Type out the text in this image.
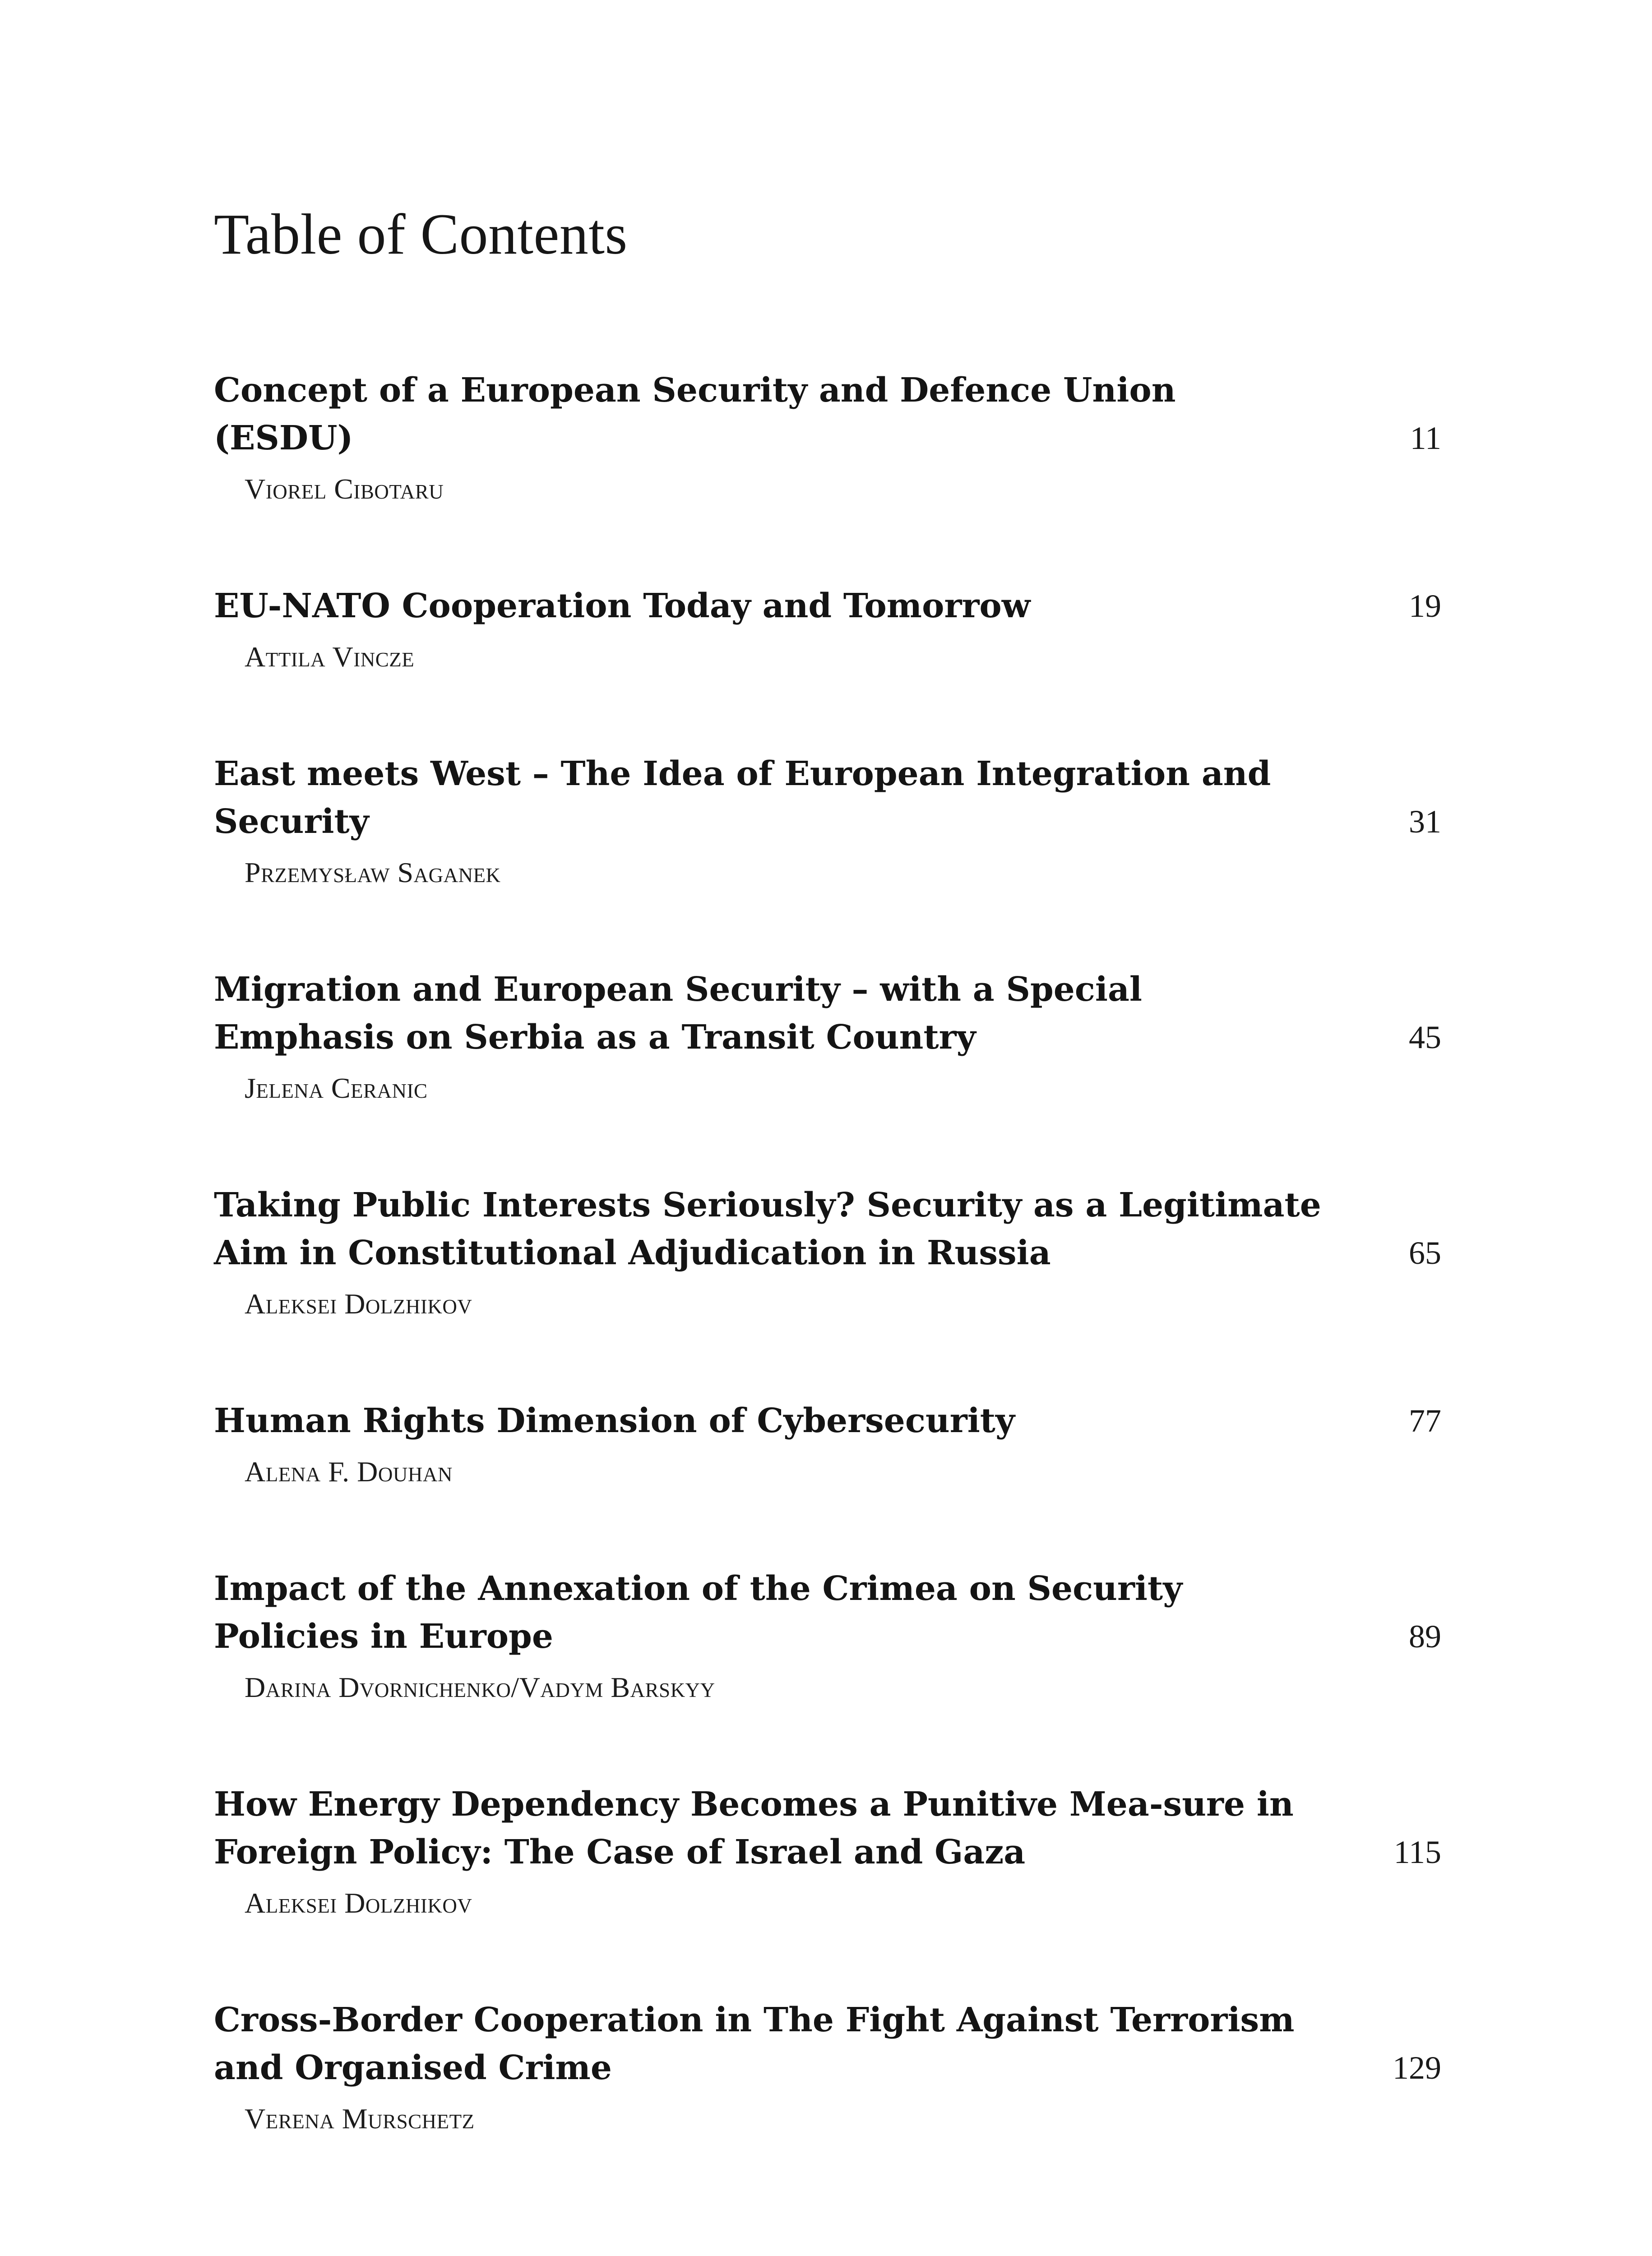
Table of Contents

Concept of a European Security and Defence Union (ESDU)	11

Viorel Cibotaru

EU-NATO Cooperation Today and Tomorrow	19

Attila Vincze

East meets West – The Idea of European Integration and Security	31

Przemysław Saganek

Migration and European Security – with a Special Emphasis on Serbia as a Transit Country	45

Jelena Ceranic

Taking Public Interests Seriously? Security as a Legitimate Aim in Constitutional Adjudication in Russia	65

Aleksei Dolzhikov

Human Rights Dimension of Cybersecurity	77

Alena F. Douhan

Impact of the Annexation of the Crimea on Security Policies in Europe	89

Darina Dvornichenko/Vadym Barskyy

How Energy Dependency Becomes a Punitive Mea-sure in Foreign Policy: The Case of Israel and Gaza	115

Aleksei Dolzhikov

Cross-Border Cooperation in The Fight Against Terrorism and Organised Crime	129

Verena Murschetz
